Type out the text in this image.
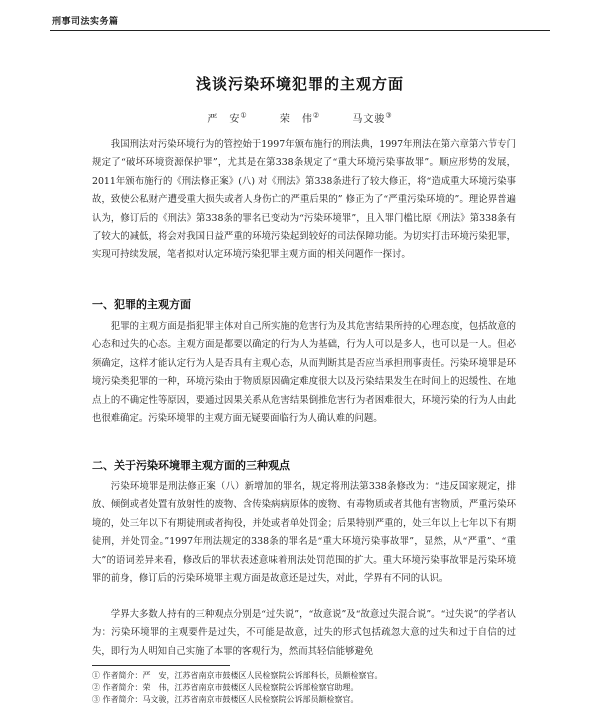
刑事司法实务篇
浅谈污染环境犯罪的主观方面
严　安①	荣　伟②	马文骏③

我国刑法对污染环境行为的管控始于1997年颁布施行的刑法典，1997年刑法在第六章第六节专门规定了“破坏环境资源保护罪”，尤其是在第338条规定了“重大环境污染事故罪”。顺应形势的发展，2011年颁布施行的《刑法修正案》(八) 对《刑法》第338条进行了较大修正，将“造成重大环境污染事故，致使公私财产遭受重大损失或者人身伤亡的严重后果的” 修正为了“严重污染环境的”。理论界普遍认为，修订后的《刑法》第338条的罪名已变动为“污染环境罪”，且入罪门槛比原《刑法》第338条有了较大的减低，将会对我国日益严重的环境污染起到较好的司法保障功能。为切实打击环境污染犯罪，实现可持续发展，笔者拟对认定环境污染犯罪主观方面的相关问题作一探讨。

一、犯罪的主观方面

犯罪的主观方面是指犯罪主体对自己所实施的危害行为及其危害结果所持的心理态度，包括故意的心态和过失的心态。主观方面是都要以确定的行为人为基础，行为人可以是多人，也可以是一人。但必须确定，这样才能认定行为人是否具有主观心态，从而判断其是否应当承担刑事责任。污染环境罪是环境污染类犯罪的一种，环境污染由于物质原因确定难度很大以及污染结果发生在时间上的迟缓性、在地点上的不确定性等原因，要通过因果关系从危害结果倒推危害行为者困难很大，环境污染的行为人由此也很难确定。污染环境罪的主观方面无疑要面临行为人确认难的问题。

二、关于污染环境罪主观方面的三种观点

污染环境罪是刑法修正案（八）新增加的罪名，规定将刑法第338条修改为：“违反国家规定，排放、倾倒或者处置有放射性的废物、含传染病病原体的废物、有毒物质或者其他有害物质，严重污染环境的，处三年以下有期徒刑或者拘役，并处或者单处罚金；后果特别严重的，处三年以上七年以下有期徒刑，并处罚金。”1997年刑法规定的338条的罪名是“重大环境污染事故罪”，显然，从“严重”、“重大”的语词差异来看，修改后的罪状表述意味着刑法处罚范围的扩大。重大环境污染事故罪是污染环境罪的前身，修订后的污染环境罪主观方面是故意还是过失，对此，学界有不同的认识。

学界大多数人持有的三种观点分别是“过失说”，“故意说”及“故意过失混合说”。“过失说”的学者认为：污染环境罪的主观要件是过失，不可能是故意，过失的形式包括疏忽大意的过失和过于自信的过失，即行为人明知自己实施了本罪的客观行为，然而其轻信能够避免

① 作者简介：严　安，江苏省南京市鼓楼区人民检察院公诉部科长，员额检察官。
② 作者简介：荣　伟，江苏省南京市鼓楼区人民检察院公诉部检察官助理。
③ 作者简介：马文骏，江苏省南京市鼓楼区人民检察院公诉部员额检察官。
